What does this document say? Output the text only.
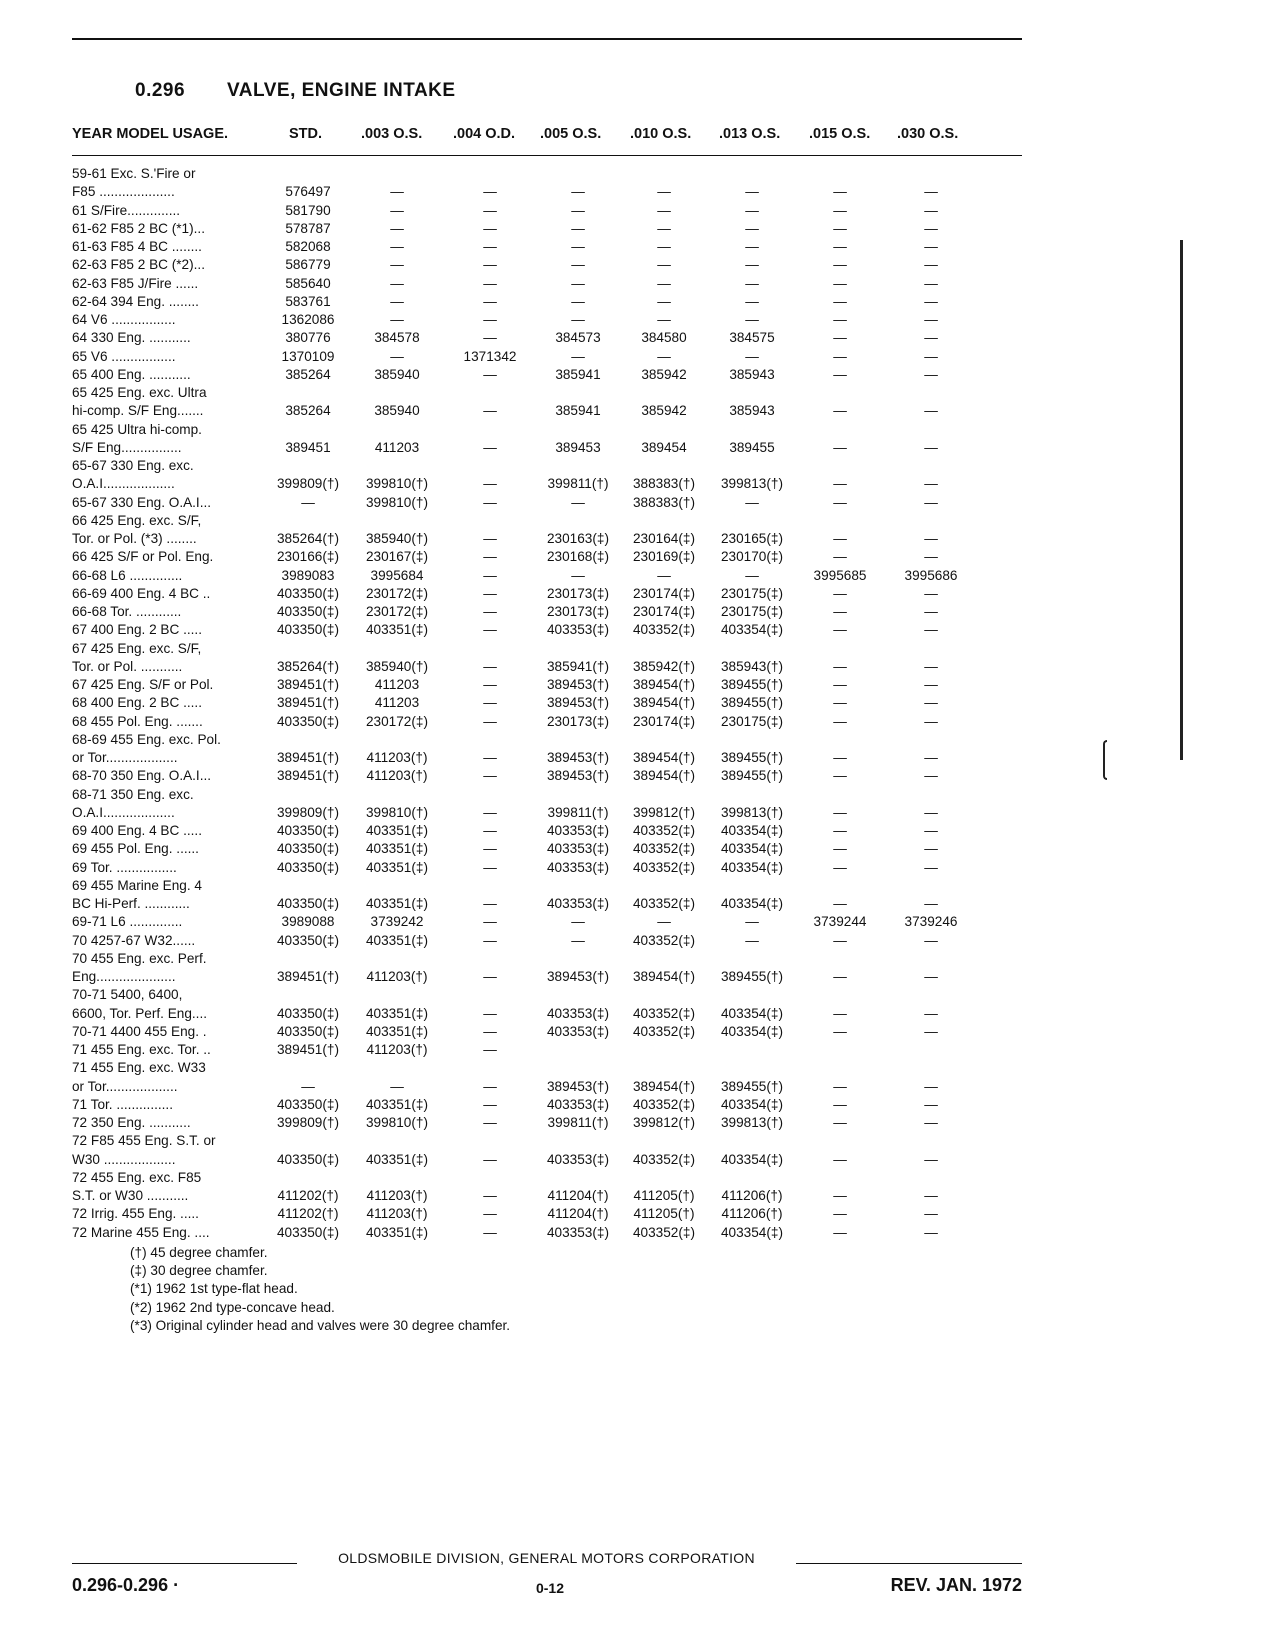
0.296 VALVE, ENGINE INTAKE
YEAR MODEL USAGE.	STD.	.003 O.S. .004 O.D. .005 O.S. .010 O.S. .013 O.S. .015 O.S. .030 O.S.
59-61 Exc. S.'Fire or
F85 ....................	576497	—	—	—	—	—	—	—
61 S/Fire..............	581790	—	—	—	—	—	—	—
61-62 F85 2 BC (*1)...	578787	—	—	—	—	—	—	—
61-63 F85 4 BC ........	582068	—	—	—	—	—	—	—
62-63 F85 2 BC (*2)...	586779	—	—	—	—	—	—	—
62-63 F85 J/Fire ......	585640	—	—	—	—	—	—	—
62-64 394 Eng. ........	583761	—	—	—	—	—	—	—
64 V6 .................	1362086	—	—	—	—	—	—	—
64 330 Eng. ...........	380776	384578	—	384573	384580	384575	—	—
65 V6 .................	1370109	—	1371342	—	—	—	—	—
65 400 Eng. ...........	385264	385940	—	385941	385942	385943	—	—
65 425 Eng. exc. Ultra
hi-comp. S/F Eng.......	385264	385940	—	385941	385942	385943	—	—
65 425 Ultra hi-comp.
S/F Eng................	389451	411203	—	389453	389454	389455	—	—
65-67 330 Eng. exc.
O.A.I...................	399809(†)	399810(†)	—	399811(†)	388383(†)	399813(†)	—	—
65-67 330 Eng. O.A.I...	—	399810(†)	—	—	388383(†)	—	—	—
66 425 Eng. exc. S/F,
Tor. or Pol. (*3) ........	385264(†)	385940(†)	—	230163(‡)	230164(‡)	230165(‡)	—	—
66 425 S/F or Pol. Eng.	230166(‡)	230167(‡)	—	230168(‡)	230169(‡)	230170(‡)	—	—
66-68 L6 ..............	3989083	3995684	—	—	—	—	3995685	3995686
66-69 400 Eng. 4 BC ..	403350(‡)	230172(‡)	—	230173(‡)	230174(‡)	230175(‡)	—	—
66-68 Tor. ............	403350(‡)	230172(‡)	—	230173(‡)	230174(‡)	230175(‡)	—	—
67 400 Eng. 2 BC .....	403350(‡)	403351(‡)	—	403353(‡)	403352(‡)	403354(‡)	—	—
67 425 Eng. exc. S/F,
Tor. or Pol. ...........	385264(†)	385940(†)	—	385941(†)	385942(†)	385943(†)	—	—
67 425 Eng. S/F or Pol.	389451(†)	411203	—	389453(†)	389454(†)	389455(†)	—	—
68 400 Eng. 2 BC .....	389451(†)	411203	—	389453(†)	389454(†)	389455(†)	—	—
68 455 Pol. Eng. .......	403350(‡)	230172(‡)	—	230173(‡)	230174(‡)	230175(‡)	—	—
68-69 455 Eng. exc. Pol.
or Tor...................	389451(†)	411203(†)	—	389453(†)	389454(†)	389455(†)	—	—
68-70 350 Eng. O.A.I...	389451(†)	411203(†)	—	389453(†)	389454(†)	389455(†)	—	—
68-71 350 Eng. exc.
O.A.I...................	399809(†)	399810(†)	—	399811(†)	399812(†)	399813(†)	—	—
69 400 Eng. 4 BC .....	403350(‡)	403351(‡)	—	403353(‡)	403352(‡)	403354(‡)	—	—
69 455 Pol. Eng. ......	403350(‡)	403351(‡)	—	403353(‡)	403352(‡)	403354(‡)	—	—
69 Tor. ................	403350(‡)	403351(‡)	—	403353(‡)	403352(‡)	403354(‡)	—	—
69 455 Marine Eng. 4
BC Hi-Perf. ............	403350(‡)	403351(‡)	—	403353(‡)	403352(‡)	403354(‡)	—	—
69-71 L6 ..............	3989088	3739242	—	—	—	—	3739244	3739246
70 4257-67 W32......	403350(‡)	403351(‡)	—	—	403352(‡)	—	—	—
70 455 Eng. exc. Perf.
Eng.....................	389451(†)	411203(†)	—	389453(†)	389454(†)	389455(†)	—	—
70-71 5400, 6400,
6600, Tor. Perf. Eng....	403350(‡)	403351(‡)	—	403353(‡)	403352(‡)	403354(‡)	—	—
70-71 4400 455 Eng. .	403350(‡)	403351(‡)	—	403353(‡)	403352(‡)	403354(‡)	—	—
71 455 Eng. exc. Tor. ..	389451(†)	411203(†)	—
71 455 Eng. exc. W33
or Tor...................	—	—	—	389453(†)	389454(†)	389455(†)	—	—
71 Tor. ...............	403350(‡)	403351(‡)	—	403353(‡)	403352(‡)	403354(‡)	—	—
72 350 Eng. ...........	399809(†)	399810(†)	—	399811(†)	399812(†)	399813(†)	—	—
72 F85 455 Eng. S.T. or
W30 ...................	403350(‡)	403351(‡)	—	403353(‡)	403352(‡)	403354(‡)	—	—
72 455 Eng. exc. F85
S.T. or W30 ...........	411202(†)	411203(†)	—	411204(†)	411205(†)	411206(†)	—	—
72 Irrig. 455 Eng. .....	411202(†)	411203(†)	—	411204(†)	411205(†)	411206(†)	—	—
72 Marine 455 Eng. ....	403350(‡)	403351(‡)	—	403353(‡)	403352(‡)	403354(‡)	—	—
(†) 45 degree chamfer.
(‡) 30 degree chamfer.
(*1) 1962 1st type-flat head.
(*2) 1962 2nd type-concave head.
(*3) Original cylinder head and valves were 30 degree chamfer.
OLDSMOBILE DIVISION, GENERAL MOTORS CORPORATION
0.296-0.296 ·	0-12	REV. JAN. 1972
